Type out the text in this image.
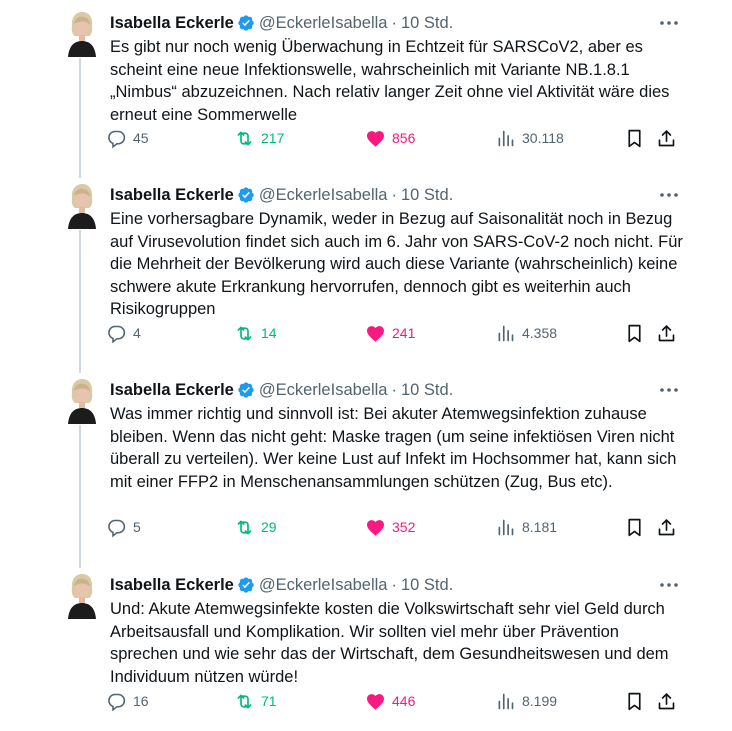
Isabella Eckerle @EckerleIsabella · 10 Std.
Es gibt nur noch wenig Überwachung in Echtzeit für SARSCoV2, aber es scheint eine neue Infektionswelle, wahrscheinlich mit Variante NB.1.8.1 „Nimbus“ abzuzeichnen. Nach relativ langer Zeit ohne viel Aktivität wäre dies erneut eine Sommerwelle
45	217	856	30.118
Isabella Eckerle @EckerleIsabella · 10 Std.
Eine vorhersagbare Dynamik, weder in Bezug auf Saisonalität noch in Bezug auf Virusevolution findet sich auch im 6. Jahr von SARS-CoV-2 noch nicht. Für die Mehrheit der Bevölkerung wird auch diese Variante (wahrscheinlich) keine schwere akute Erkrankung hervorrufen, dennoch gibt es weiterhin auch Risikogruppen
4	14	241	4.358
Isabella Eckerle @EckerleIsabella · 10 Std.
Was immer richtig und sinnvoll ist: Bei akuter Atemwegsinfektion zuhause bleiben. Wenn das nicht geht: Maske tragen (um seine infektiösen Viren nicht überall zu verteilen). Wer keine Lust auf Infekt im Hochsommer hat, kann sich mit einer FFP2 in Menschenansammlungen schützen (Zug, Bus etc).
5	29	352	8.181
Isabella Eckerle @EckerleIsabella · 10 Std.
Und: Akute Atemwegsinfekte kosten die Volkswirtschaft sehr viel Geld durch Arbeitsausfall und Komplikation. Wir sollten viel mehr über Prävention sprechen und wie sehr das der Wirtschaft, dem Gesundheitswesen und dem Individuum nützen würde!
16	71	446	8.199
